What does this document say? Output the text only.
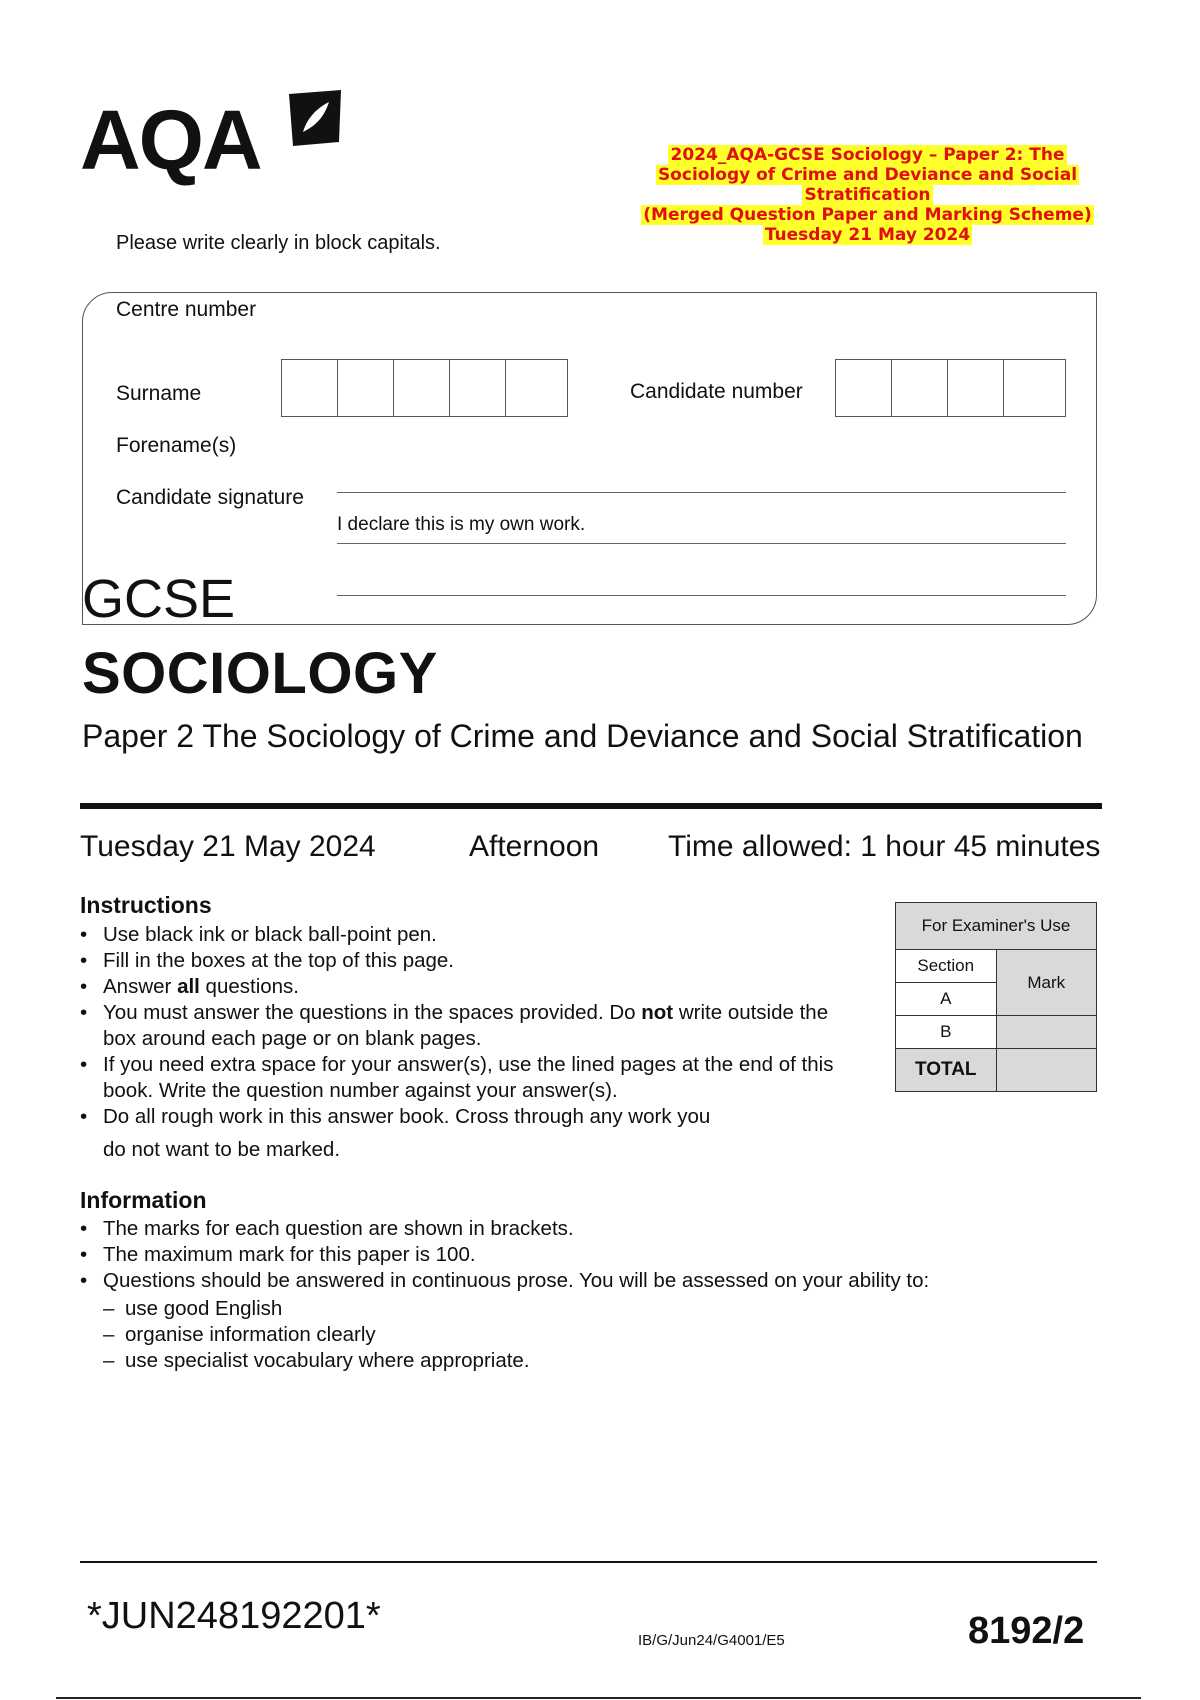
AQA	2024_AQA-GCSE Sociology – Paper 2: The
Sociology of Crime and Deviance and Social
Stratification
(Merged Question Paper and Marking Scheme)
Tuesday 21 May 2024
Please write clearly in block capitals.
Centre number
Surname	Candidate number
Forename(s)
Candidate signature
I declare this is my own work.
GCSE
SOCIOLOGY
Paper 2 The Sociology of Crime and Deviance and Social Stratification
Tuesday 21 May 2024	Afternoon Time allowed: 1 hour 45 minutes
Instructions
• Use black ink or black ball-point pen.
• Fill in the boxes at the top of this page.
• Answer all questions.
• You must answer the questions in the spaces provided. Do not write outside the box around each page or on blank pages.
• If you need extra space for your answer(s), use the lined pages at the end of this book. Write the question number against your answer(s).
• Do all rough work in this answer book. Cross through any work you
do not want to be marked.
For Examiner's Use	
Section	Mark
A	
B	
TOTAL	
Information
• The marks for each question are shown in brackets.
• The maximum mark for this paper is 100.
• Questions should be answered in continuous prose. You will be assessed on your ability to:
– use good English
– organise information clearly
– use specialist vocabulary where appropriate.
*JUN248192201*
IB/G/Jun24/G4001/E5	8192/2
